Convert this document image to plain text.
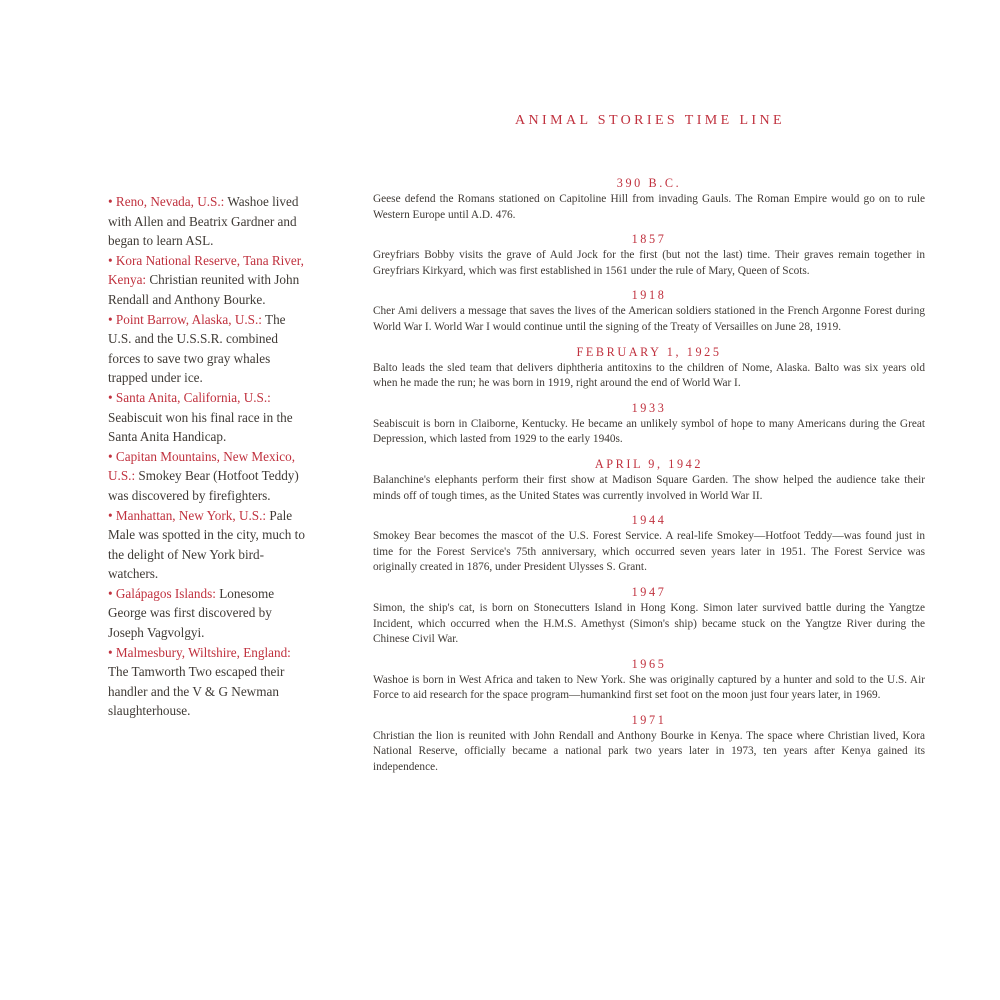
ANIMAL STORIES TIME LINE

• Reno, Nevada, U.S.: Washoe lived with Allen and Beatrix Gardner and began to learn ASL.

• Kora National Reserve, Tana River, Kenya: Christian reunited with John Rendall and Anthony Bourke.

• Point Barrow, Alaska, U.S.: The U.S. and the U.S.S.R. combined forces to save two gray whales trapped under ice.

• Santa Anita, California, U.S.: Seabiscuit won his final race in the Santa Anita Handicap.

• Capitan Mountains, New Mexico, U.S.: Smokey Bear (Hotfoot Teddy) was discovered by firefighters.

• Manhattan, New York, U.S.: Pale Male was spotted in the city, much to the delight of New York bird-watchers.

• Galápagos Islands: Lonesome George was first discovered by Joseph Vagvolgyi.

• Malmesbury, Wiltshire, England: The Tamworth Two escaped their handler and the V & G Newman slaughterhouse.

390 B.C.
Geese defend the Romans stationed on Capitoline Hill from invading Gauls. The Roman Empire would go on to rule Western Europe until A.D. 476.
1857
Greyfriars Bobby visits the grave of Auld Jock for the first (but not the last) time. Their graves remain together in Greyfriars Kirkyard, which was first established in 1561 under the rule of Mary, Queen of Scots.
1918
Cher Ami delivers a message that saves the lives of the American soldiers stationed in the French Argonne Forest during World War I. World War I would continue until the signing of the Treaty of Versailles on June 28, 1919.
FEBRUARY 1, 1925
Balto leads the sled team that delivers diphtheria antitoxins to the children of Nome, Alaska. Balto was six years old when he made the run; he was born in 1919, right around the end of World War I.
1933
Seabiscuit is born in Claiborne, Kentucky. He became an unlikely symbol of hope to many Americans during the Great Depression, which lasted from 1929 to the early 1940s.
APRIL 9, 1942
Balanchine's elephants perform their first show at Madison Square Garden. The show helped the audience take their minds off of tough times, as the United States was currently involved in World War II.
1944
Smokey Bear becomes the mascot of the U.S. Forest Service. A real-life Smokey—Hotfoot Teddy—was found just in time for the Forest Service's 75th anniversary, which occurred seven years later in 1951. The Forest Service was originally created in 1876, under President Ulysses S. Grant.
1947
Simon, the ship's cat, is born on Stonecutters Island in Hong Kong. Simon later survived battle during the Yangtze Incident, which occurred when the H.M.S. Amethyst (Simon's ship) became stuck on the Yangtze River during the Chinese Civil War.
1965
Washoe is born in West Africa and taken to New York. She was originally captured by a hunter and sold to the U.S. Air Force to aid research for the space program—humankind first set foot on the moon just four years later, in 1969.
1971
Christian the lion is reunited with John Rendall and Anthony Bourke in Kenya. The space where Christian lived, Kora National Reserve, officially became a national park two years later in 1973, ten years after Kenya gained its independence.
